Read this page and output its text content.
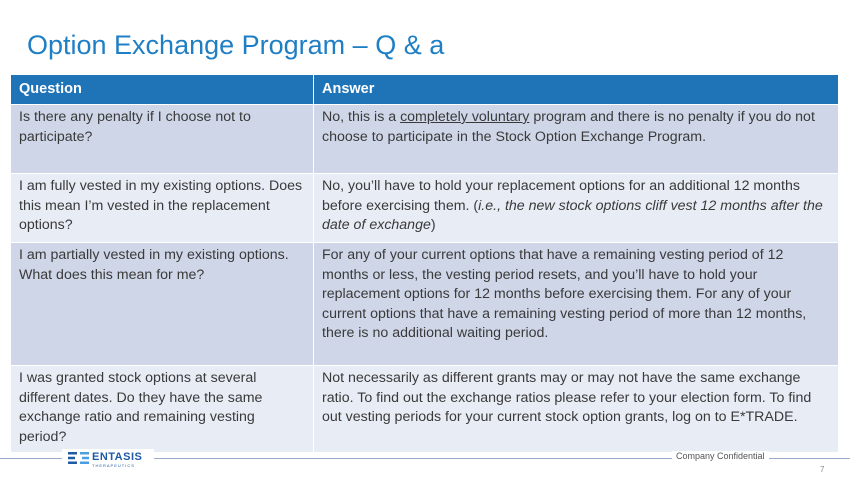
Option Exchange Program – Q & a
Question	Answer
Is there any penalty if I choose not to participate?
No, this is a completely voluntary program and there is no penalty if you do not choose to participate in the Stock Option Exchange Program.
I am fully vested in my existing options. Does this mean I’m vested in the replacement options?
No, you’ll have to hold your replacement options for an additional 12 months before exercising them. (i.e., the new stock options cliff vest 12 months after the date of exchange)
I am partially vested in my existing options. What does this mean for me?
For any of your current options that have a remaining vesting period of 12 months or less, the vesting period resets, and you’ll have to hold your replacement options for 12 months before exercising them. For any of your current options that have a remaining vesting period of more than 12 months, there is no additional waiting period.
I was granted stock options at several different dates. Do they have the same exchange ratio and remaining vesting period?
Not necessarily as different grants may or may not have the same exchange ratio. To find out the exchange ratios please refer to your election form. To find out vesting periods for your current stock option grants, log on to E*TRADE.
ENTASIS
THERAPEUTICS
Company Confidential
7
